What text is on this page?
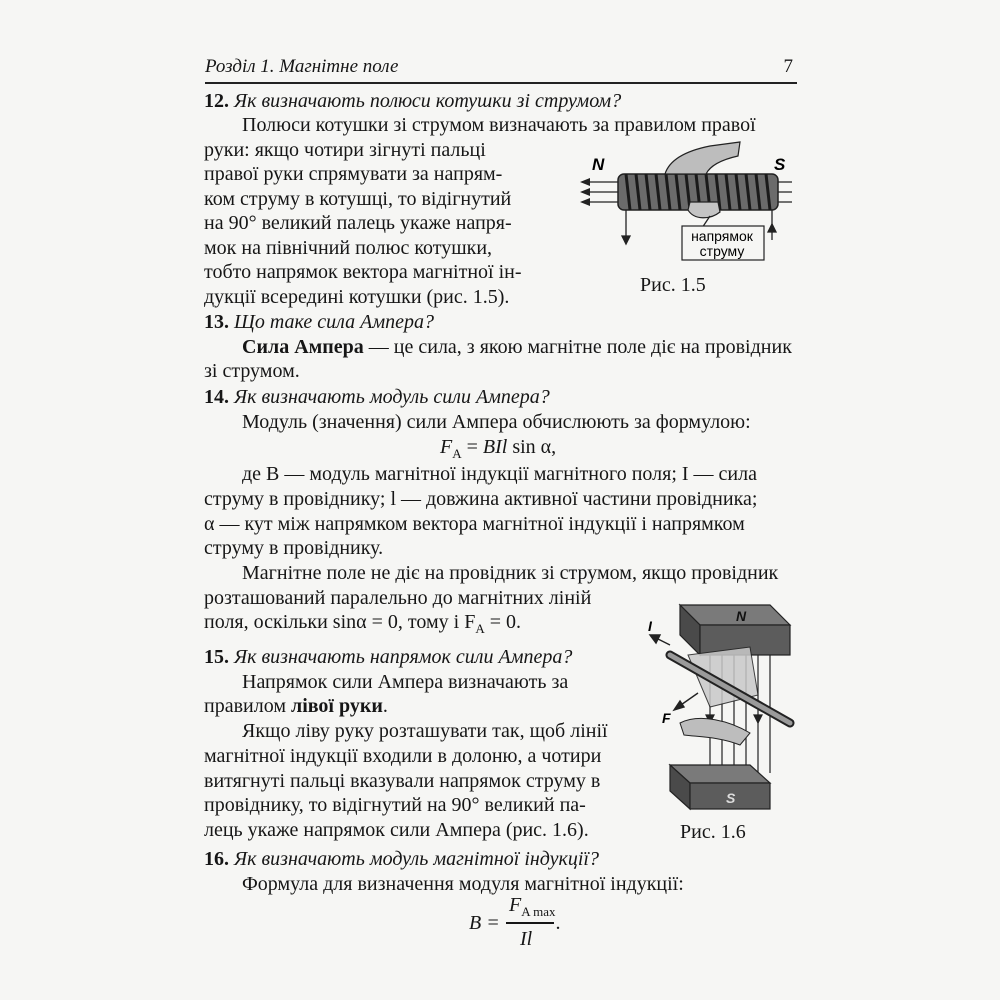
Розділ 1. Магнітне поле	7
12. Як визначають полюси котушки зі струмом?
Полюси котушки зі струмом визначають за правилом правої
руки: якщо чотири зігнуті пальці
правої руки спрямувати за напрям-
ком струму в котушці, то відігнутий
на 90° великий палець укаже напря-
мок на північний полюс котушки,
тобто напрямок вектора магнітної ін-
дукції всередині котушки (рис. 1.5).
напрямок
струму
N	S
Рис. 1.5
13. Що таке сила Ампера?
Сила Ампера — це сила, з якою магнітне поле діє на провідник
зі струмом.
14. Як визначають модуль сили Ампера?
Модуль (значення) сили Ампера обчислюють за формулою:
$F_A$ = BIl sin α,
де B — модуль магнітної індукції магнітного поля; I — сила
струму в провіднику; l — довжина активної частини провідника;
α — кут між напрямком вектора магнітної індукції і напрямком
струму в провіднику.
Магнітне поле не діє на провідник зі струмом, якщо провідник
розташований паралельно до магнітних ліній
поля, оскільки sinα = 0, тому і $F_A = 0$.
15. Як визначають напрямок сили Ампера?
Напрямок сили Ампера визначають за
правилом лівої руки.
Якщо ліву руку розташувати так, щоб лінії
магнітної індукції входили в долоню, а чотири
витягнуті пальці вказували напрямок струму в
провіднику, то відігнутий на 90° великий па-
лець укаже напрямок сили Ампера (рис. 1.6).
N
S
I
F
Рис. 1.6
16. Як визначають модуль магнітної індукції?
Формула для визначення модуля магнітної індукції:
B =
$F_{A max}$
Il
.
